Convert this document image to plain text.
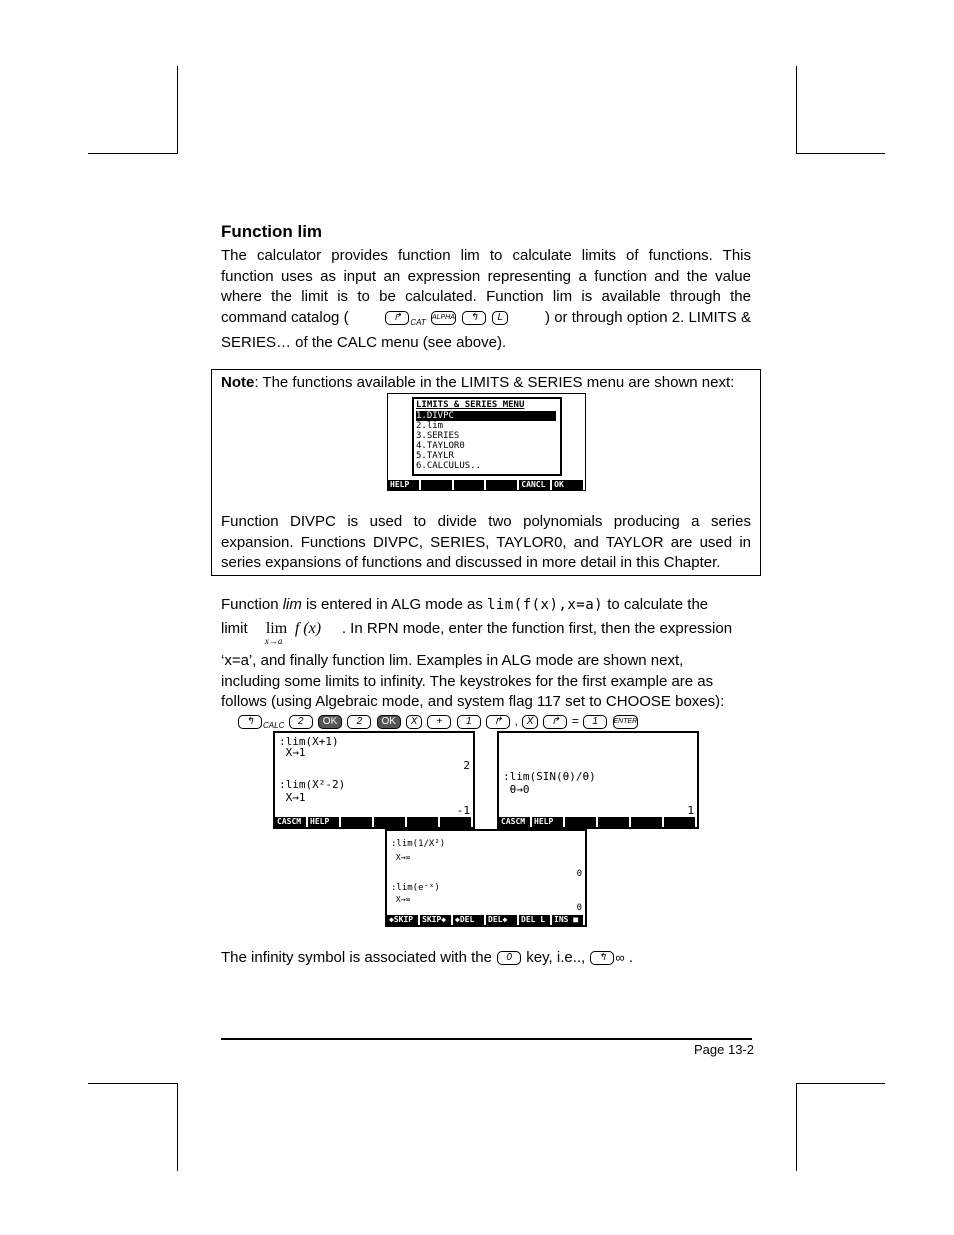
Function lim
The calculator provides function lim to calculate limits of functions. This
function uses as input an expression representing a function and the value
where the limit is to be calculated. Function lim is available through the
command catalog (	↱ $_{CAT}$ ALPHA ↰ L	) or through option 2. LIMITS &
SERIES… of the CALC menu (see above).
Note: The functions available in the LIMITS & SERIES menu are shown next:
LIMITS & SERIES MENU
1.DIVPC
2.lim
3.SERIES
4.TAYLOR0
5.TAYLR
6.CALCULUS..
HELP	CANCL	OK
Function DIVPC is used to divide two polynomials producing a series
expansion. Functions DIVPC, SERIES, TAYLOR0, and TAYLOR are used in
series expansions of functions and discussed in more detail in this Chapter.
Function lim is entered in ALG mode as lim(f(x),x=a) to calculate the
limit lim
x→a
f (x) . In RPN mode, enter the function first, then the expression
‘x=a’, and finally function lim. Examples in ALG mode are shown next,
including some limits to infinity. The keystrokes for the first example are as
follows (using Algebraic mode, and system flag 117 set to CHOOSE boxes):
↰ $_{CALC}$ 2 OK 2 OK X + 1 ↱ , X ↱ = 1 ENTER
:lim(X+1)
X→1
2
:lim(X²-2)
X→1
-1
CASCM	HELP
:lim(SIN(θ)/θ)
θ→0
1
CASCM	HELP
:lim(1/X²)
X→∞
0
:lim(e⁻ˣ)
X→∞
0
◆SKIP	SKIP◆	◆DEL	DEL◆	DEL L	INS ■
The infinity symbol is associated with the 0 key, i.e.., ↰ ∞ .
Page 13-2
